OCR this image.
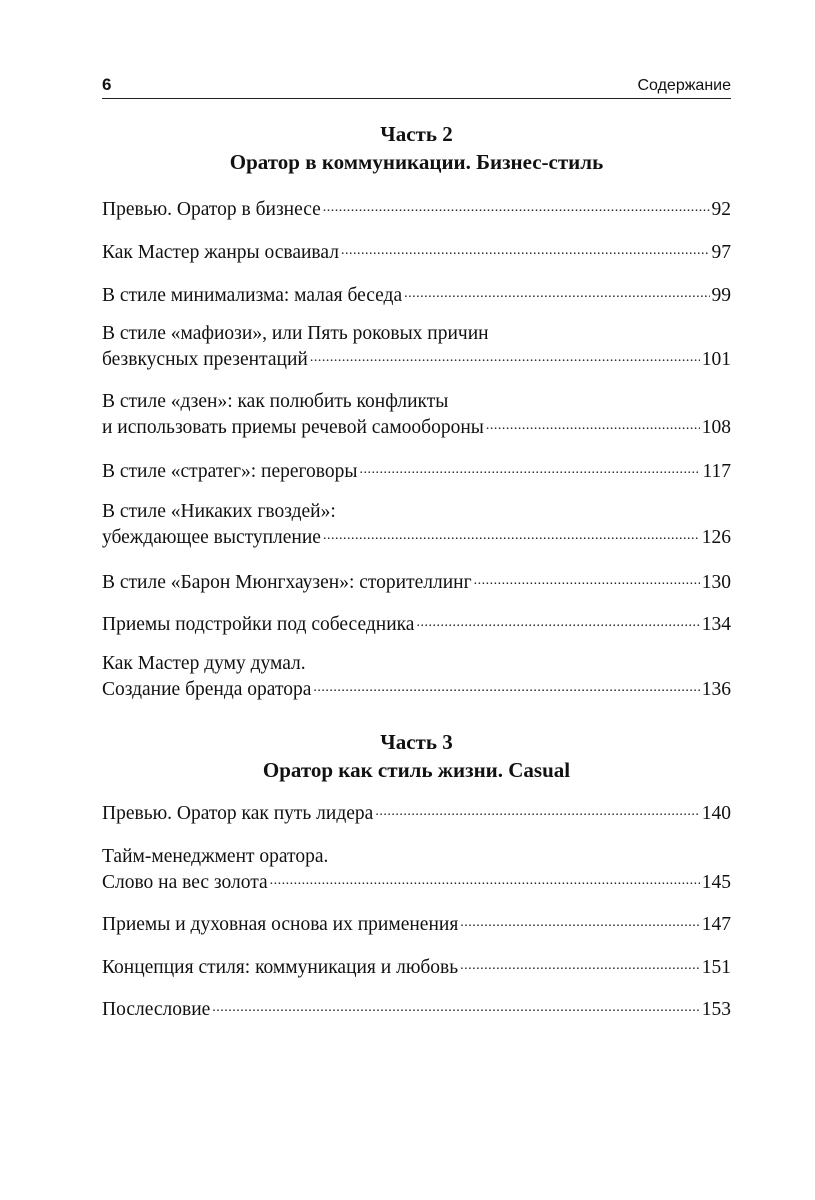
6	Содержание
Часть 2
Оратор в коммуникации. Бизнес-стиль
Превью. Оратор в бизнесе .....	92
Как Мастер жанры осваивал .....	97
В стиле минимализма: малая беседа .....	99
В стиле «мафиози», или Пять роковых причин
безвкусных презентаций .....	101
В стиле «дзен»: как полюбить конфликты
и использовать приемы речевой самообороны .....	108
В стиле «стратег»: переговоры .....	117
В стиле «Никаких гвоздей»:
убеждающее выступление .....	126
В стиле «Барон Мюнгхаузен»: сторителлинг .....	130
Приемы подстройки под собеседника .....	134
Как Мастер думу думал.
Создание бренда оратора .....	136
Часть 3
Оратор как стиль жизни. Casual
Превью. Оратор как путь лидера .....	140
Тайм-менеджмент оратора.
Слово на вес золота .....	145
Приемы и духовная основа их применения .....	147
Концепция стиля: коммуникация и любовь .....	151
Послесловие .....	153
